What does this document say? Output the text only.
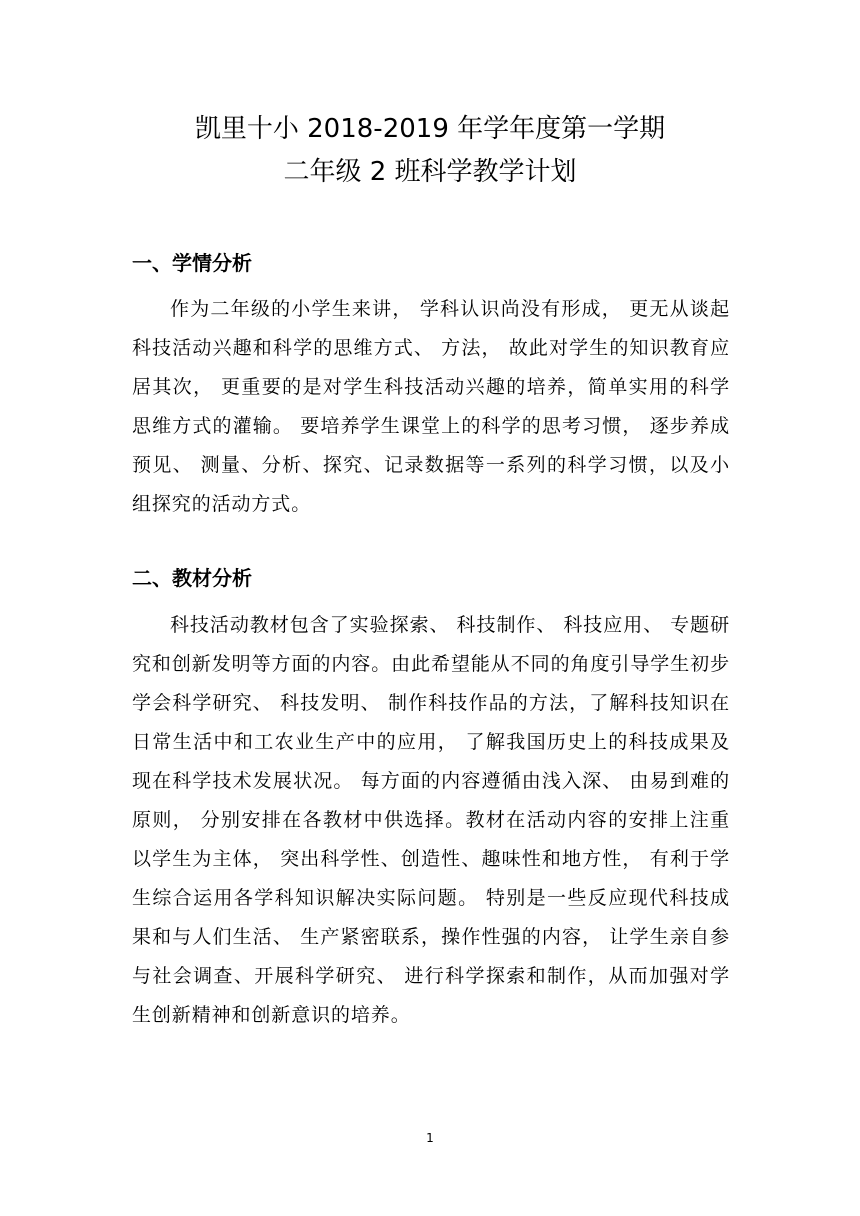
凯里十小 2018-2019 年学年度第一学期
二年级 2 班科学教学计划
一、学情分析

作为二年级的小学生来讲， 学科认识尚没有形成， 更无从谈起科技活动兴趣和科学的思维方式、 方法， 故此对学生的知识教育应居其次， 更重要的是对学生科技活动兴趣的培养，简单实用的科学思维方式的灌输。 要培养学生课堂上的科学的思考习惯， 逐步养成预见、 测量、分析、探究、记录数据等一系列的科学习惯，以及小组探究的活动方式。

二、教材分析

科技活动教材包含了实验探索、 科技制作、 科技应用、 专题研究和创新发明等方面的内容。由此希望能从不同的角度引导学生初步学会科学研究、 科技发明、 制作科技作品的方法，了解科技知识在日常生活中和工农业生产中的应用， 了解我国历史上的科技成果及现在科学技术发展状况。 每方面的内容遵循由浅入深、 由易到难的原则， 分别安排在各教材中供选择。教材在活动内容的安排上注重以学生为主体， 突出科学性、创造性、趣味性和地方性， 有利于学生综合运用各学科知识解决实际问题。 特别是一些反应现代科技成果和与人们生活、 生产紧密联系，操作性强的内容， 让学生亲自参与社会调查、开展科学研究、 进行科学探索和制作，从而加强对学生创新精神和创新意识的培养。

1
